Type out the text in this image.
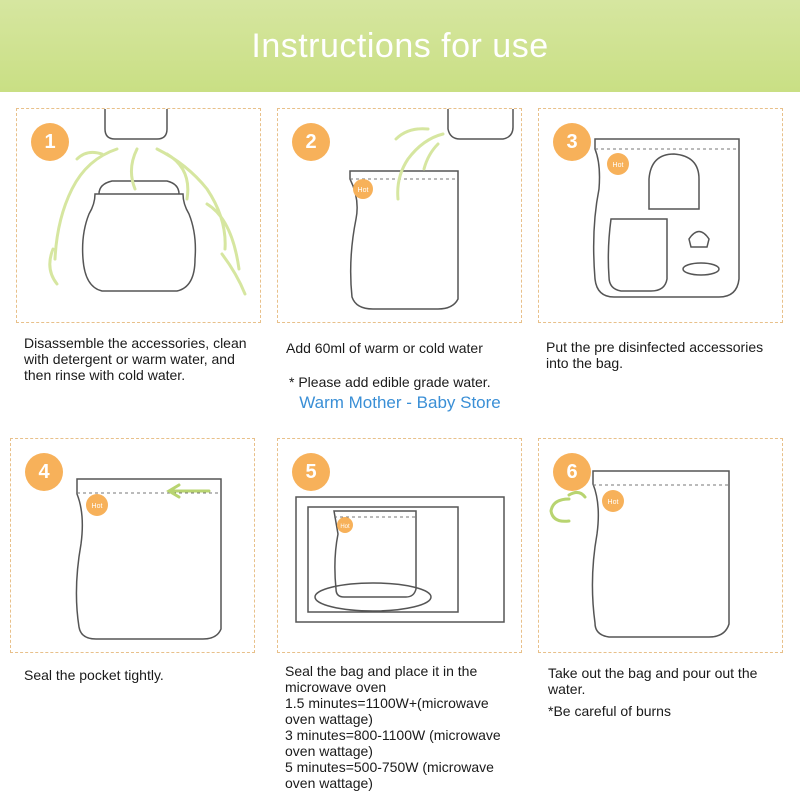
Instructions for use
1
Disassemble the accessories, clean with detergent or warm water, and then rinse with cold water.
Hot
2
Add 60ml of warm or cold water
* Please add edible grade water.
Hot
3
Put the pre disinfected accessories into the bag.
Warm Mother - Baby Store
Hot
4
Seal the pocket tightly.
Hot
5
Seal the bag and place it in the microwave oven
1.5 minutes=1100W+(microwave oven wattage)
3 minutes=800-1100W (microwave oven wattage)
5 minutes=500-750W (microwave oven wattage)
Hot
6
Take out the bag and pour out the water.
*Be careful of burns
